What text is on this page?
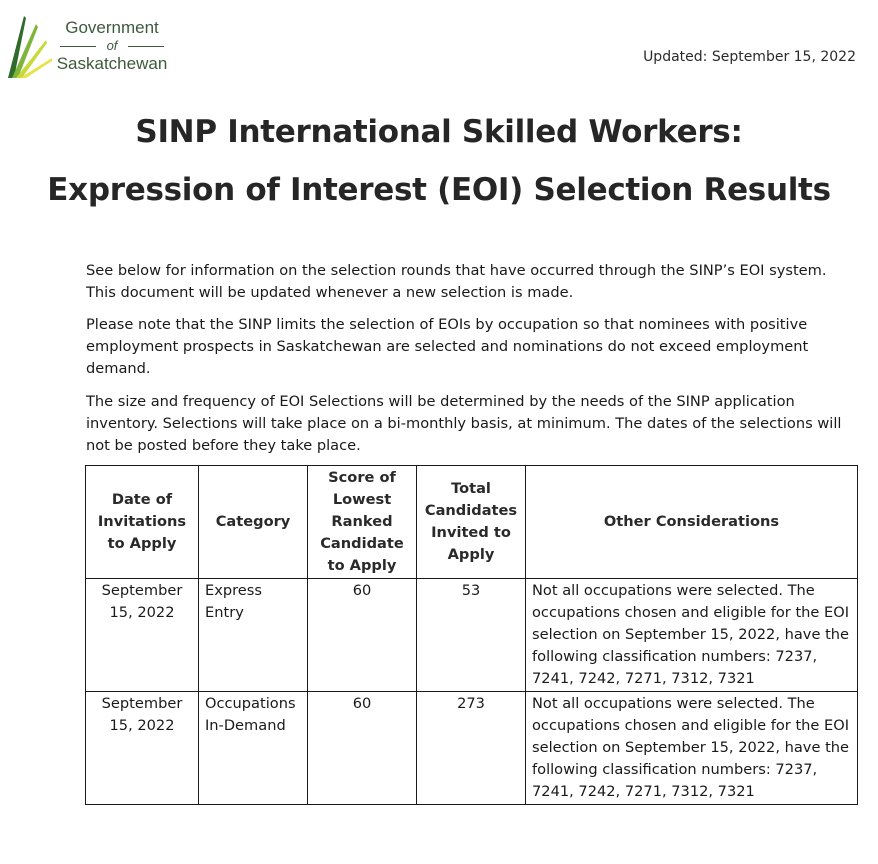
Government
of
Saskatchewan	Updated: September 15, 2022
SINP International Skilled Workers:
Expression of Interest (EOI) Selection Results

See below for information on the selection rounds that have occurred through the SINP’s EOI system. This document will be updated whenever a new selection is made.

Please note that the SINP limits the selection of EOIs by occupation so that nominees with positive employment prospects in Saskatchewan are selected and nominations do not exceed employment demand.

The size and frequency of EOI Selections will be determined by the needs of the SINP application inventory. Selections will take place on a bi-monthly basis, at minimum. The dates of the selections will not be posted before they take place.

Date of Invitations to Apply	Category	Score of Lowest Ranked Candidate to Apply	Total Candidates Invited to Apply	Other Considerations
September 15, 2022	Express Entry	60	53	Not all occupations were selected. The occupations chosen and eligible for the EOI selection on September 15, 2022, have the following classification numbers: 7237, 7241, 7242, 7271, 7312, 7321
September 15, 2022	Occupations In-Demand	60	273	Not all occupations were selected. The occupations chosen and eligible for the EOI selection on September 15, 2022, have the following classification numbers: 7237, 7241, 7242, 7271, 7312, 7321
